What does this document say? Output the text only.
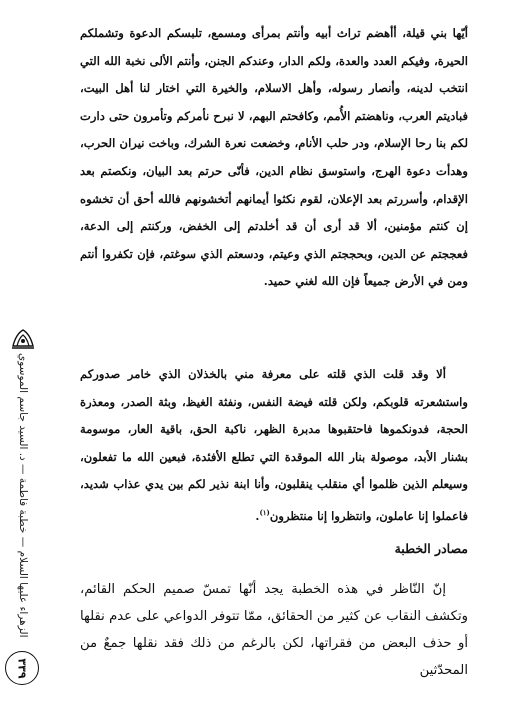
أيّها بني قيلة، أأهضم تراث أبيه وأنتم بمرأى ومسمع، تلبسكم الدعوة وتشملكم الحيرة، وفيكم العدد والعدة، ولكم الدار، وعندكم الجنن، وأنتم الألى نخبة الله التي انتخب لدينه، وأنصار رسوله، وأهل الاسلام، والخيرة التي اختار لنا أهل البيت، فباديتم العرب، وناهضتم الأُمم، وكافحتم البهم، لا نبرح نأمركم وتأمرون حتى دارت لكم بنا رحا الإسلام، ودر حلب الأنام، وخضعت نعرة الشرك، وباخت نيران الحرب، وهدأت دعوة الهرج، واستوسق نظام الدين، فأنّى حرتم بعد البيان، ونكصتم بعد الإقدام، وأسررتم بعد الإعلان، لقوم نكثوا أيمانهم أتخشونهم فالله أحق أن تخشوه إن كنتم مؤمنين، ألا قد أرى أن قد أخلدتم إلى الخفض، وركنتم إلى الدعة، فعججتم عن الدين، وبحججتم الذي وعيتم، ودسعتم الذي سوغتم، فإن تكفروا أنتم ومن في الأرض جميعاً فإن الله لغني حميد.
ألا وقد قلت الذي قلته على معرفة مني بالخذلان الذي خامر صدوركم واستشعرته قلوبكم، ولكن قلته فيضة النفس، ونفثة الغيظ، وبثة الصدر، ومعذرة الحجة، فدونكموها فاحتقبوها مدبرة الظهر، ناكبة الحق، باقية العار، موسومة بشنار الأبد، موصولة بنار الله الموقدة التي تطلع الأفئدة، فبعين الله ما تفعلون، وسيعلم الذين ظلموا أي منقلب ينقلبون، وأنا ابنة نذير لكم بين يدي عذاب شديد، فاعملوا إنا عاملون، وانتظروا إنا منتظرون$^{(١)}$.
مصادر الخطبة
إنّ النّاظر في هذه الخطبة يجد أنّها تمسّ صميم الحكم القائم، وتكشف النقاب عن كثير من الحقائق، ممّا تتوفر الدواعي على عدم نقلها أو حذف البعض من فقراتها، لكن بالرغم من ذلك فقد نقلها جمعٌ من المحدّثين
الزهراء عليها السلام — خطبة فاطمة — د. السيد جاسم الموسوي
٣٣٩
